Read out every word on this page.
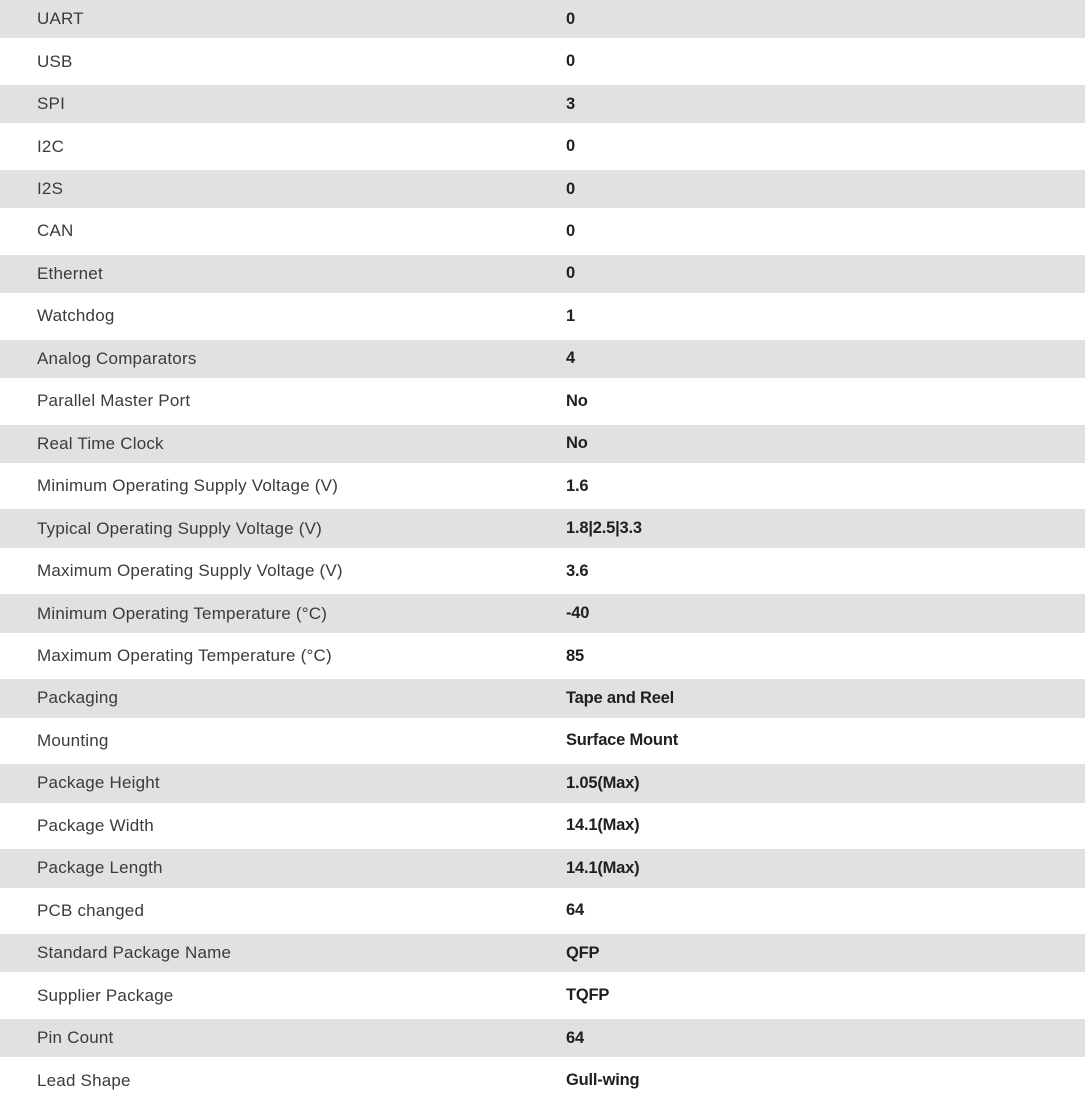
UART	0
USB	0
SPI	3
I2C	0
I2S	0
CAN	0
Ethernet	0
Watchdog	1
Analog Comparators	4
Parallel Master Port	No
Real Time Clock	No
Minimum Operating Supply Voltage (V)	1.6
Typical Operating Supply Voltage (V)	1.8|2.5|3.3
Maximum Operating Supply Voltage (V)	3.6
Minimum Operating Temperature (°C)	-40
Maximum Operating Temperature (°C)	85
Packaging	Tape and Reel
Mounting	Surface Mount
Package Height	1.05(Max)
Package Width	14.1(Max)
Package Length	14.1(Max)
PCB changed	64
Standard Package Name	QFP
Supplier Package	TQFP
Pin Count	64
Lead Shape	Gull-wing
